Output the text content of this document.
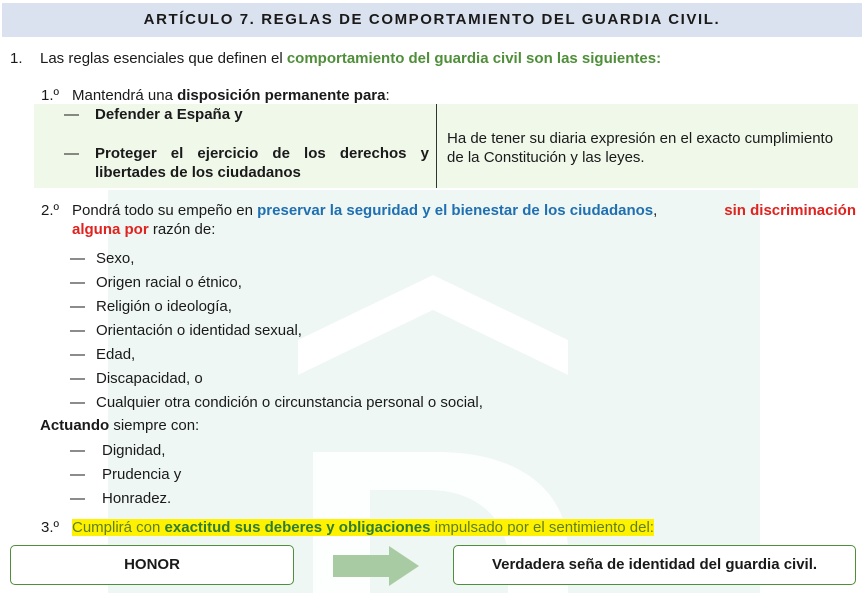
ARTÍCULO 7. REGLAS DE COMPORTAMIENTO DEL GUARDIA CIVIL.
1. Las reglas esenciales que definen el comportamiento del guardia civil son las siguientes:
1.º Mantendrá una disposición permanente para:
— Defender a España y
— Proteger el ejercicio de los derechos y
libertades de los ciudadanos
Ha de tener su diaria expresión en el exacto cumplimiento
de la Constitución y las leyes.
2.º Pondrá todo su empeño en preservar la seguridad y el bienestar de los ciudadanos,	sin discriminación
alguna por razón de:
— Sexo,
— Origen racial o étnico,
— Religión o ideología,
— Orientación o identidad sexual,
— Edad,
— Discapacidad, o
— Cualquier otra condición o circunstancia personal o social,
Actuando siempre con:
— Dignidad,
— Prudencia y
— Honradez.
3.º Cumplirá con exactitud sus deberes y obligaciones impulsado por el sentimiento del:
HONOR	Verdadera seña de identidad del guardia civil.
